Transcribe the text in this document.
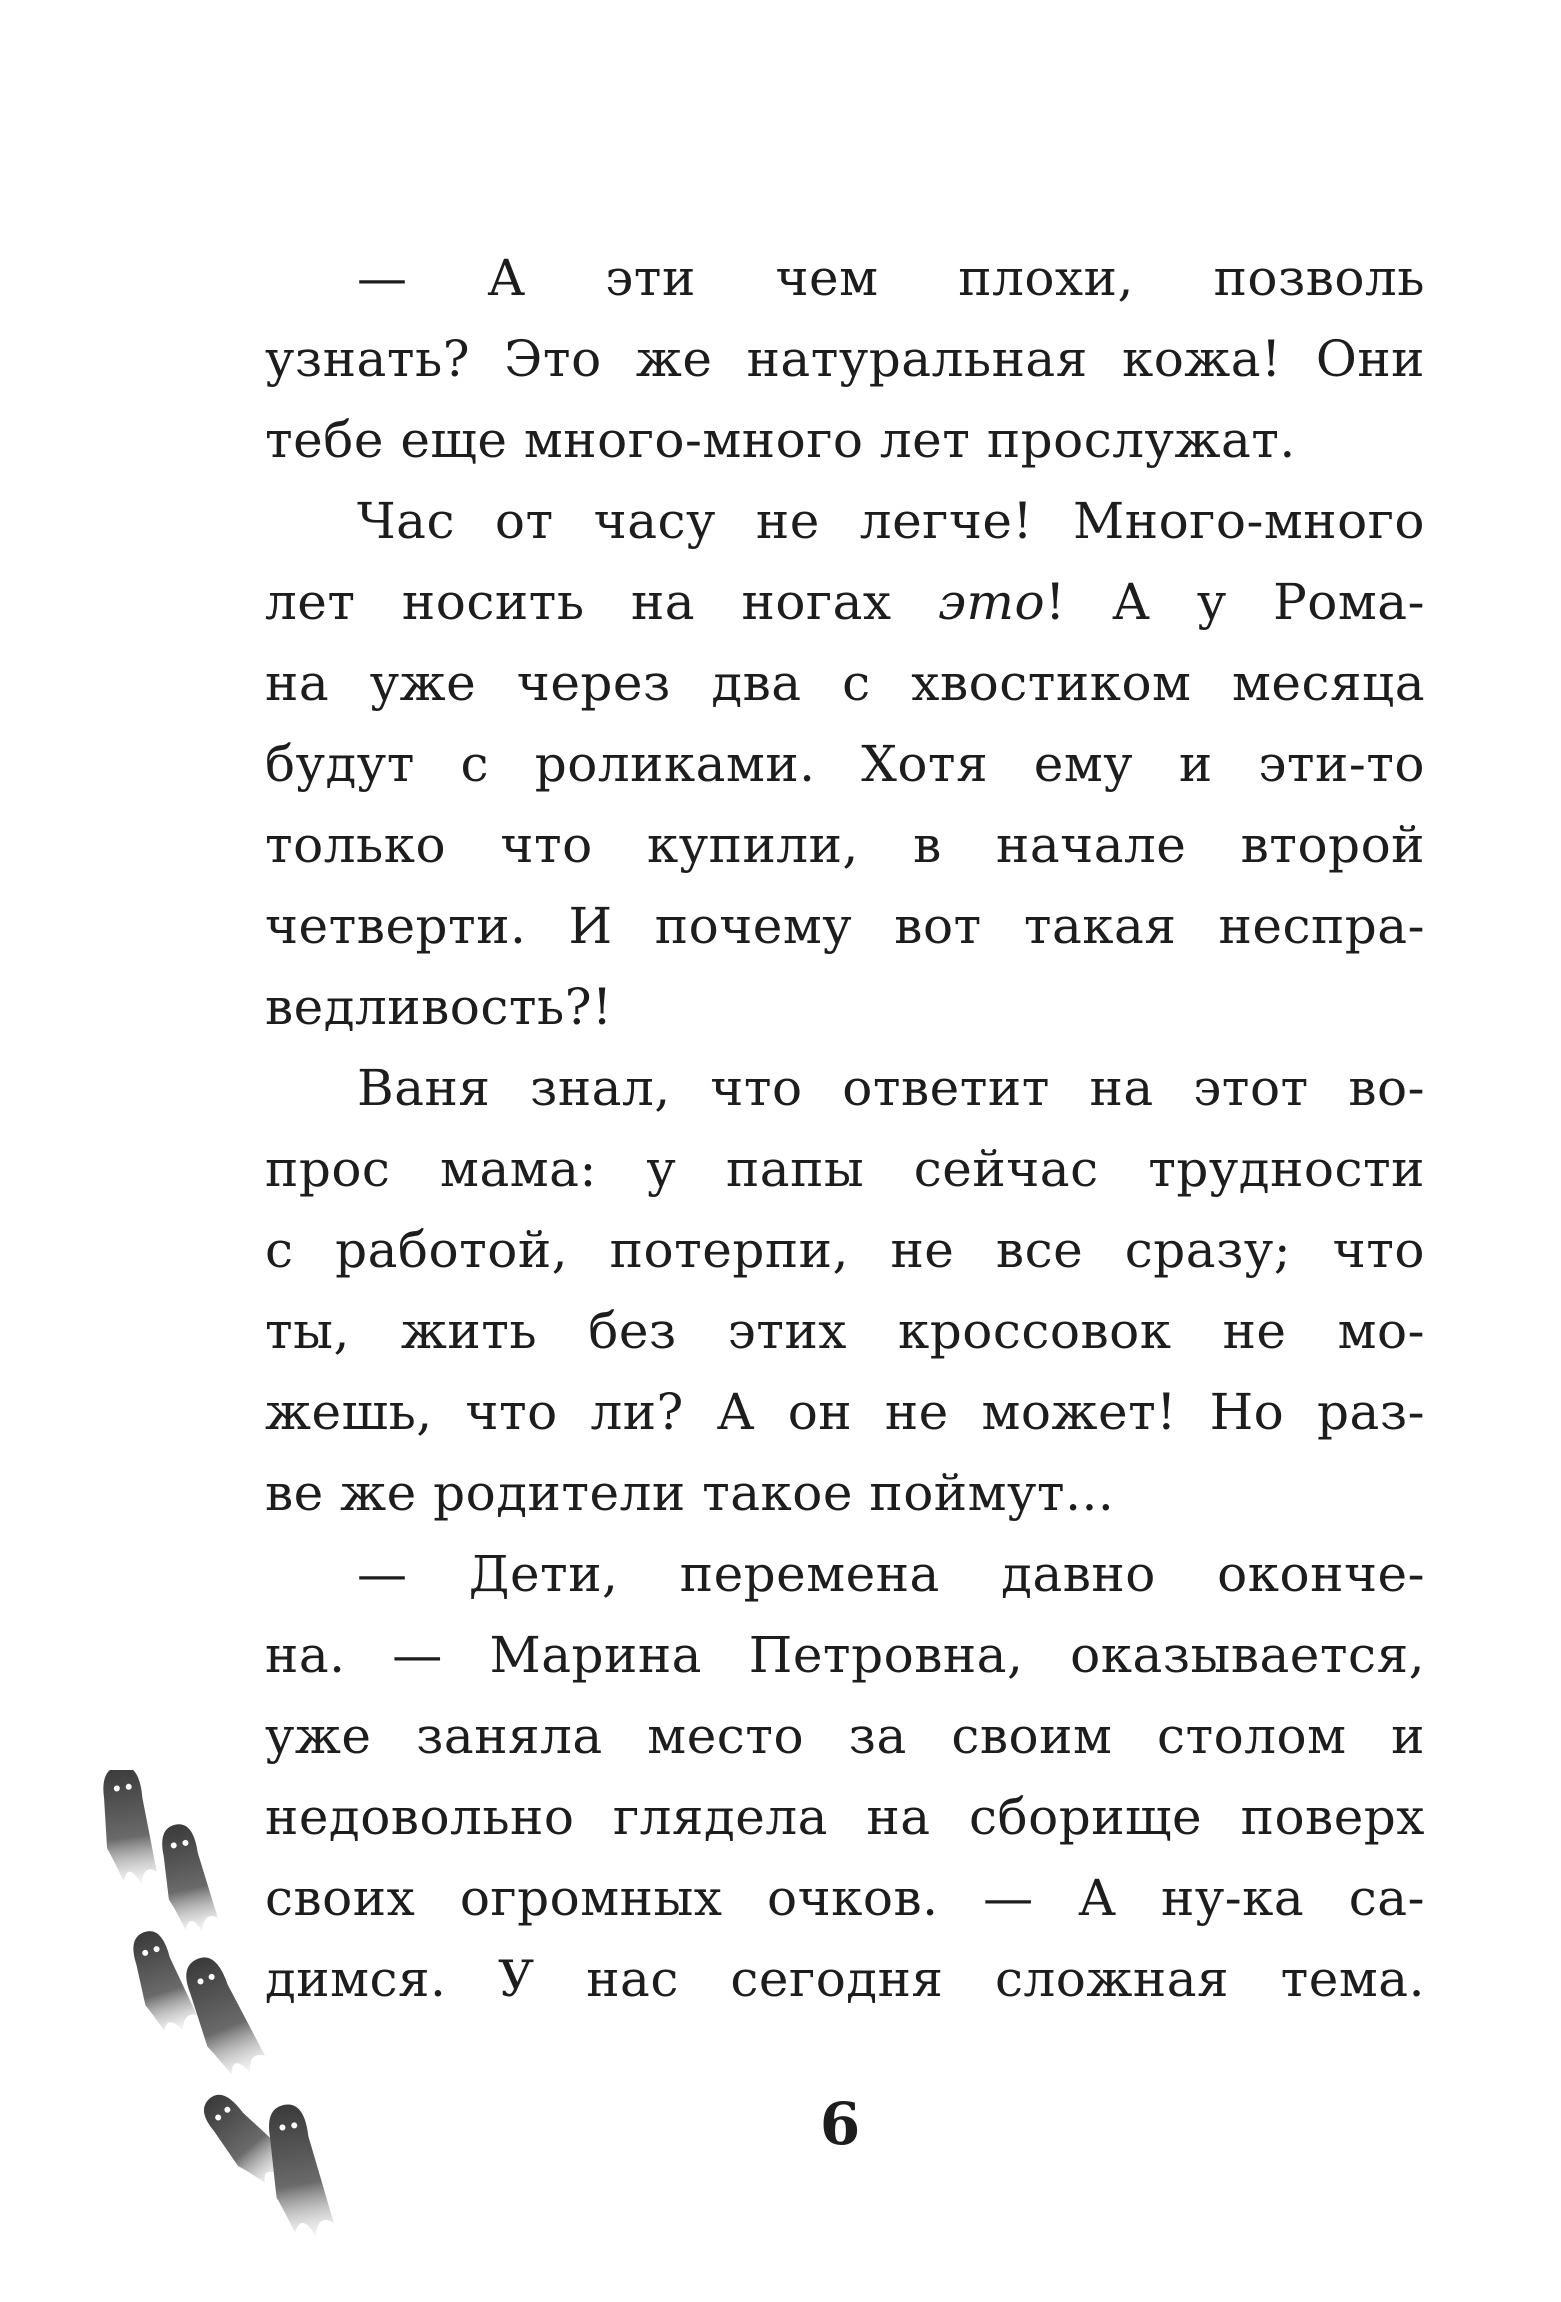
— А эти чем плохи, позволь
узнать? Это же натуральная кожа! Они
тебе еще много-много лет прослужат.
Час от часу не легче! Много-много
лет носить на ногах это! А у Рома-
на уже через два с хвостиком месяца
будут с роликами. Хотя ему и эти-то
только что купили, в начале второй
четверти. И почему вот такая неспра-
ведливость?!
Ваня знал, что ответит на этот во-
прос мама: у папы сейчас трудности
с работой, потерпи, не все сразу; что
ты, жить без этих кроссовок не мо-
жешь, что ли? А он не может! Но раз-
ве же родители такое поймут...
— Дети, перемена давно оконче-
на. — Марина Петровна, оказывается,
уже заняла место за своим столом и
недовольно глядела на сборище поверх
своих огромных очков. — А ну-ка са-
димся. У нас сегодня сложная тема.
6
